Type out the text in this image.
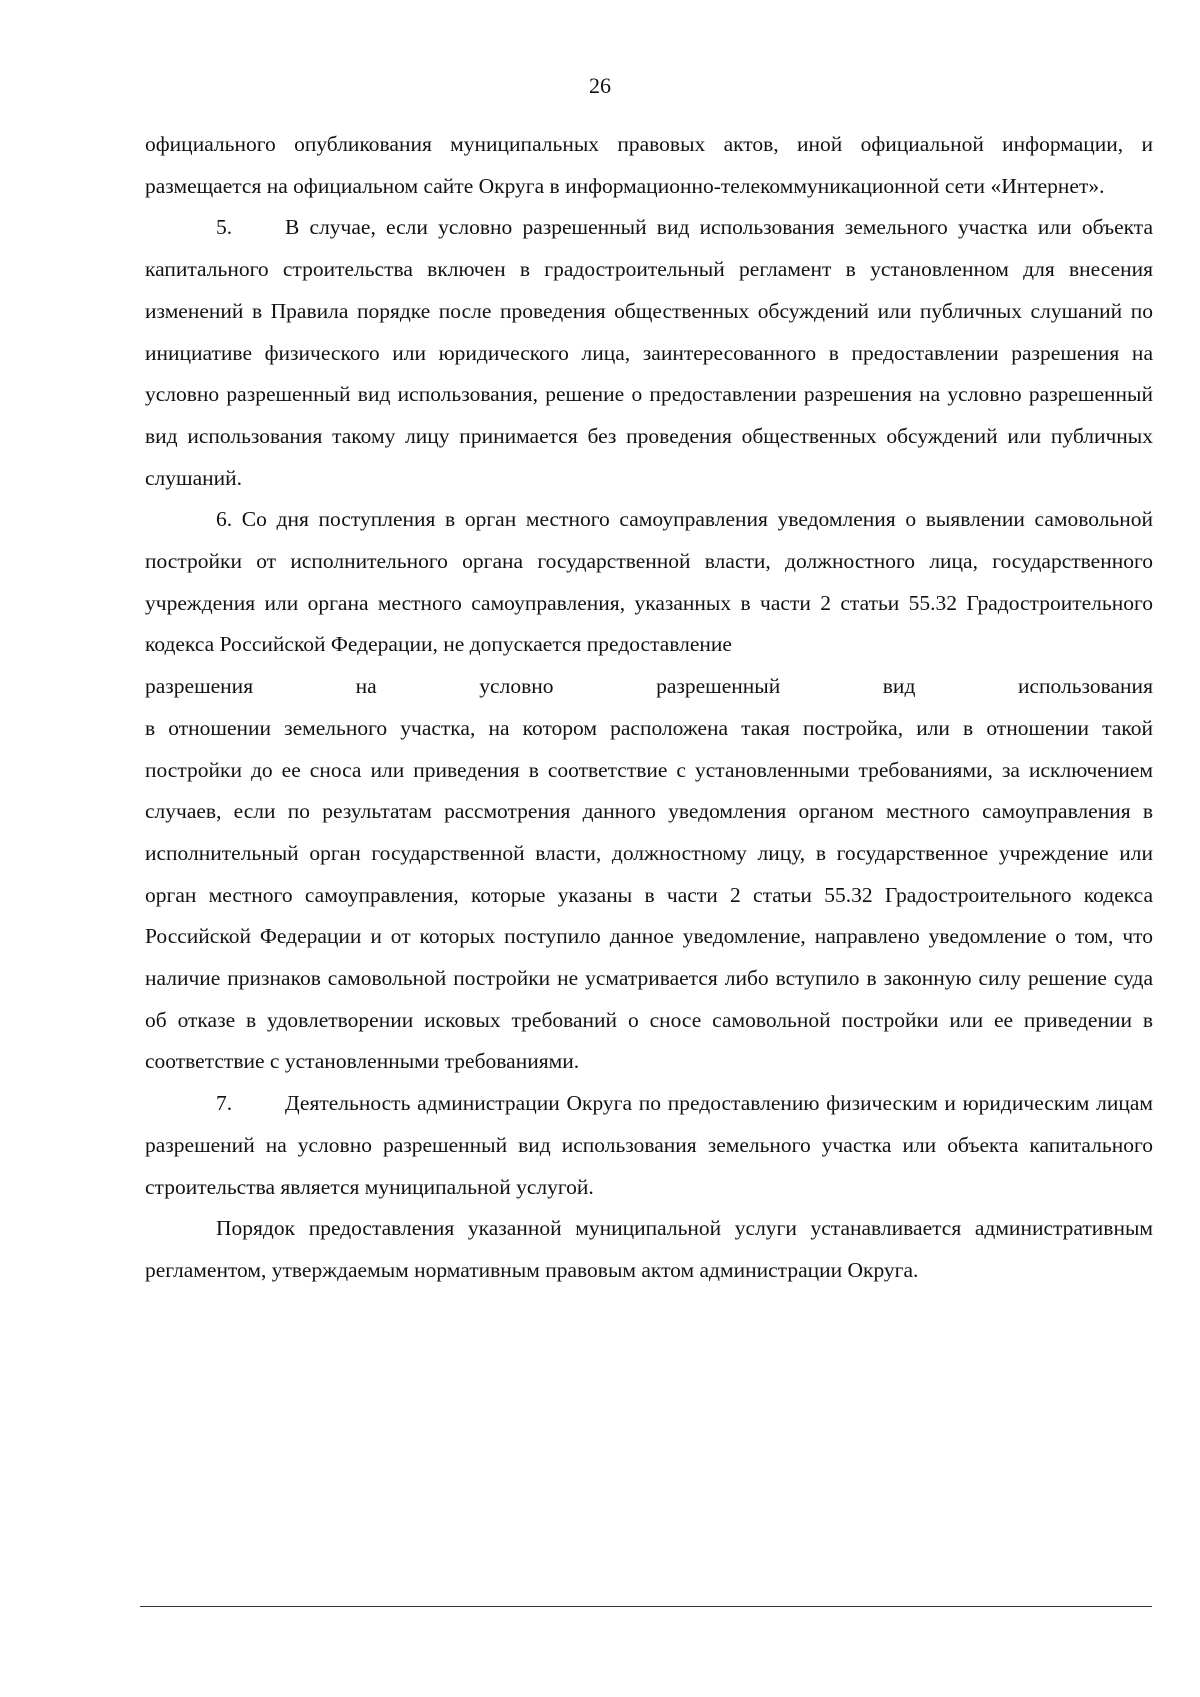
26

официального опубликования муниципальных правовых актов, иной официальной информации, и размещается на официальном сайте Округа в информационно-телекоммуникационной сети «Интернет».

5. В случае, если условно разрешенный вид использования земельного участка или объекта капитального строительства включен в градостроительный регламент в установленном для внесения изменений в Правила порядке после проведения общественных обсуждений или публичных слушаний по инициативе физического или юридического лица, заинтересованного в предоставлении разрешения на условно разрешенный вид использования, решение о предоставлении разрешения на условно разрешенный вид использования такому лицу принимается без проведения общественных обсуждений или публичных слушаний.

6. Со дня поступления в орган местного самоуправления уведомления о выявлении самовольной постройки от исполнительного органа государственной власти, должностного лица, государственного учреждения или органа местного самоуправления, указанных в части 2 статьи 55.32 Градостроительного кодекса Российской Федерации, не допускается предоставление

разрешения	на	условно	разрешенный	вид	использования

в отношении земельного участка, на котором расположена такая постройка, или в отношении такой постройки до ее сноса или приведения в соответствие с установленными требованиями, за исключением случаев, если по результатам рассмотрения данного уведомления органом местного самоуправления в исполнительный орган государственной власти, должностному лицу, в государственное учреждение или орган местного самоуправления, которые указаны в части 2 статьи 55.32 Градостроительного кодекса Российской Федерации и от которых поступило данное уведомление, направлено уведомление о том, что наличие признаков самовольной постройки не усматривается либо вступило в законную силу решение суда об отказе в удовлетворении исковых требований о сносе самовольной постройки или ее приведении в соответствие с установленными требованиями.

7. Деятельность администрации Округа по предоставлению физическим и юридическим лицам разрешений на условно разрешенный вид использования земельного участка или объекта капитального строительства является муниципальной услугой.

Порядок предоставления указанной муниципальной услуги устанавливается административным регламентом, утверждаемым нормативным правовым актом администрации Округа.
